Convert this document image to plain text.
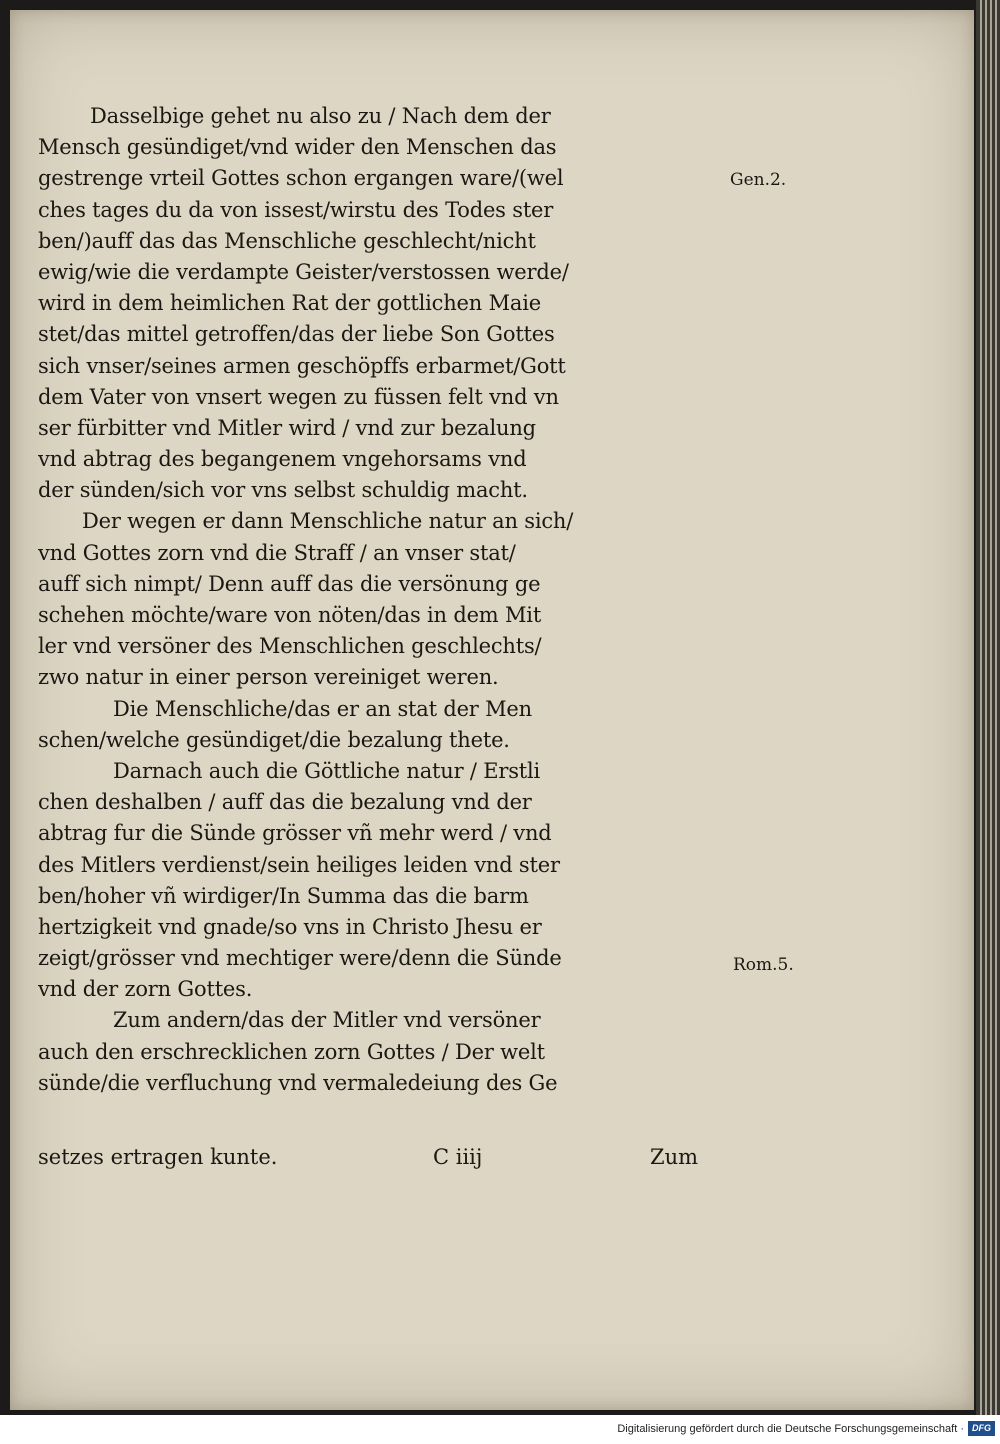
Dasselbige gehet nu also zu / Nach dem der
Mensch gesündiget/vnd wider den Menschen das
gestrenge vrteil Gottes schon ergangen ware/(wel
ches tages du da von issest/wirstu des Todes ster
ben/)auff das das Menschliche geschlecht/nicht
ewig/wie die verdampte Geister/verstossen werde/
wird in dem heimlichen Rat der gottlichen Maie
stet/das mittel getroffen/das der liebe Son Gottes
sich vnser/seines armen geschöpffs erbarmet/Gott
dem Vater von vnsert wegen zu füssen felt vnd vn
ser fürbitter vnd Mitler wird / vnd zur bezalung
vnd abtrag des begangenem vngehorsams vnd
der sünden/sich vor vns selbst schuldig macht.
Der wegen er dann Menschliche natur an sich/
vnd Gottes zorn vnd die Straff / an vnser stat/
auff sich nimpt/ Denn auff das die versönung ge
schehen möchte/ware von nöten/das in dem Mit
ler vnd versöner des Menschlichen geschlechts/
zwo natur in einer person vereiniget weren.
Die Menschliche/das er an stat der Men
schen/welche gesündiget/die bezalung thete.
Darnach auch die Göttliche natur / Erstli
chen deshalben / auff das die bezalung vnd der
abtrag fur die Sünde grösser vñ mehr werd / vnd
des Mitlers verdienst/sein heiliges leiden vnd ster
ben/hoher vñ wirdiger/In Summa das die barm
hertzigkeit vnd gnade/so vns in Christo Jhesu er
zeigt/grösser vnd mechtiger were/denn die Sünde
vnd der zorn Gottes.
Zum andern/das der Mitler vnd versöner
auch den erschrecklichen zorn Gottes / Der welt
sünde/die verfluchung vnd vermaledeiung des Ge
setzes ertragen kunte.	C iiij	Zum
Gen.2.
Rom.5.
Digitalisierung gefördert durch die Deutsche Forschungsgemeinschaft · DFG
